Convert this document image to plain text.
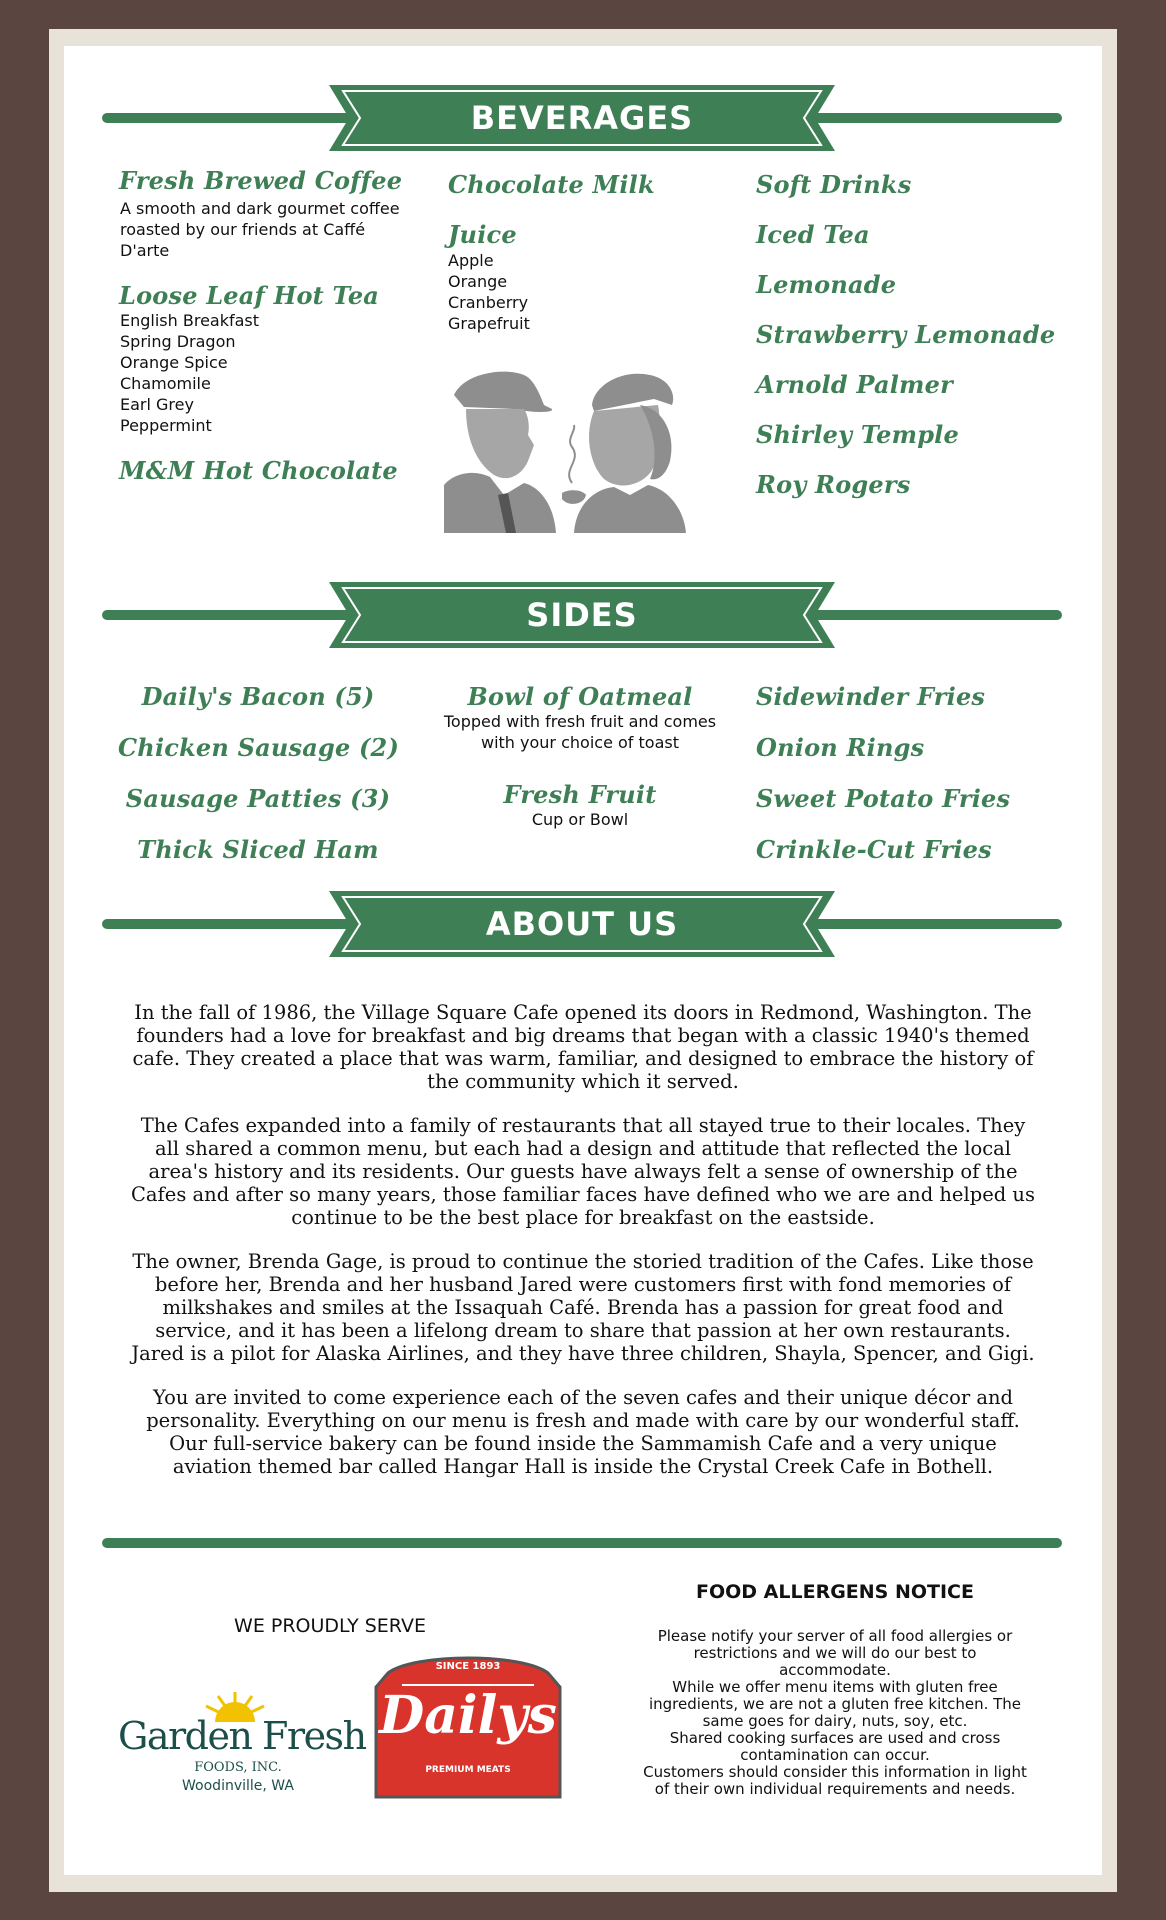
BEVERAGES
Fresh Brewed Coffee
A smooth and dark gourmet coffee
roasted by our friends at Caffé
D'arte
Loose Leaf Hot Tea
English Breakfast
Spring Dragon
Orange Spice
Chamomile
Earl Grey
Peppermint
M&M Hot Chocolate
Chocolate Milk
Juice
Apple
Orange
Cranberry
Grapefruit
Soft Drinks
Iced Tea
Lemonade
Strawberry Lemonade
Arnold Palmer
Shirley Temple
Roy Rogers
SIDES
Daily's Bacon (5)
Chicken Sausage (2)
Sausage Patties (3)
Thick Sliced Ham
Bowl of Oatmeal
Topped with fresh fruit and comes
with your choice of toast
Fresh Fruit
Cup or Bowl
Sidewinder Fries
Onion Rings
Sweet Potato Fries
Crinkle-Cut Fries
ABOUT US

In the fall of 1986, the Village Square Cafe opened its doors in Redmond, Washington. The founders had a love for breakfast and big dreams that began with a classic 1940's themed cafe. They created a place that was warm, familiar, and designed to embrace the history of the community which it served.

The Cafes expanded into a family of restaurants that all stayed true to their locales. They all shared a common menu, but each had a design and attitude that reflected the local area's history and its residents. Our guests have always felt a sense of ownership of the Cafes and after so many years, those familiar faces have defined who we are and helped us continue to be the best place for breakfast on the eastside.

The owner, Brenda Gage, is proud to continue the storied tradition of the Cafes. Like those before her, Brenda and her husband Jared were customers first with fond memories of milkshakes and smiles at the Issaquah Café. Brenda has a passion for great food and service, and it has been a lifelong dream to share that passion at her own restaurants. Jared is a pilot for Alaska Airlines, and they have three children, Shayla, Spencer, and Gigi.

You are invited to come experience each of the seven cafes and their unique décor and personality. Everything on our menu is fresh and made with care by our wonderful staff. Our full-service bakery can be found inside the Sammamish Cafe and a very unique aviation themed bar called Hangar Hall is inside the Crystal Creek Cafe in Bothell.

WE PROUDLY SERVE
Garden Fresh
FOODS, INC.
Woodinville, WA
SINCE 1893
Dailys
PREMIUM MEATS
FOOD ALLERGENS NOTICE
Please notify your server of all food allergies or restrictions and we will do our best to accommodate.
While we offer menu items with gluten free ingredients, we are not a gluten free kitchen. The same goes for dairy, nuts, soy, etc.
Shared cooking surfaces are used and cross contamination can occur.
Customers should consider this information in light of their own individual requirements and needs.
